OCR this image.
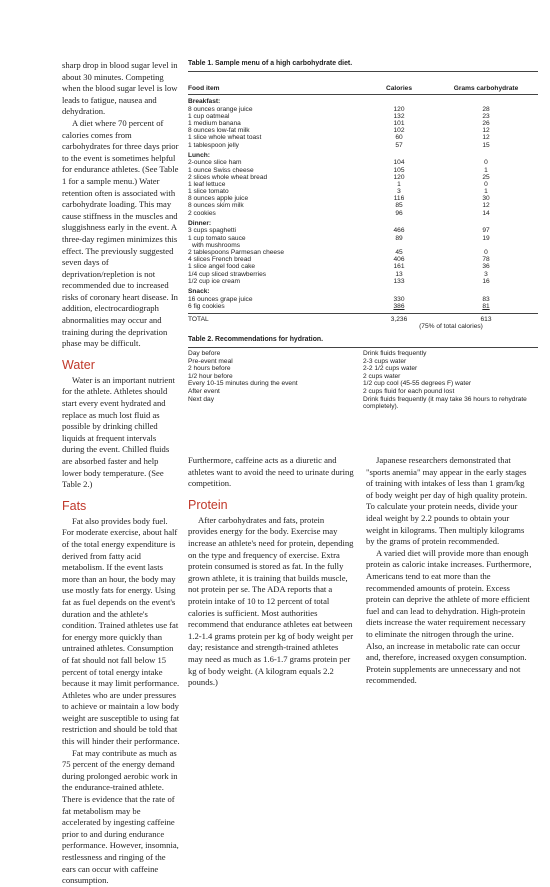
sharp drop in blood sugar level in about 30 minutes. Competing when the blood sugar level is low leads to fatigue, nausea and dehydration.

A diet where 70 percent of calories comes from carbohydrates for three days prior to the event is sometimes helpful for endurance athletes. (See Table 1 for a sample menu.) Water retention often is associated with carbohydrate loading. This may cause stiffness in the muscles and sluggishness early in the event. A three-day regimen minimizes this effect. The previously suggested seven days of deprivation/repletion is not recommended due to increased risks of coronary heart disease. In addition, electrocardiograph abnormalities may occur and training during the deprivation phase may be difficult.

Water

Water is an important nutrient for the athlete. Athletes should start every event hydrated and replace as much lost fluid as possible by drinking chilled liquids at frequent intervals during the event. Chilled fluids are absorbed faster and help lower body temperature. (See Table 2.)

Fats

Fat also provides body fuel. For moderate exercise, about half of the total energy expenditure is derived from fatty acid metabolism. If the event lasts more than an hour, the body may use mostly fats for energy. Using fat as fuel depends on the event's duration and the athlete's condition. Trained athletes use fat for energy more quickly than untrained athletes. Consumption of fat should not fall below 15 percent of total energy intake because it may limit performance. Athletes who are under pressures to achieve or maintain a low body weight are susceptible to using fat restriction and should be told that this will hinder their performance.

Fat may contribute as much as 75 percent of the energy demand during prolonged aerobic work in the endurance-trained athlete. There is evidence that the rate of fat metabolism may be accelerated by ingesting caffeine prior to and during endurance performance. However, insomnia, restlessness and ringing of the ears can occur with caffeine consumption.

Table 1. Sample menu of a high carbohydrate diet.
Food item	Calories	Grams carbohydrate
Breakfast:
8 ounces orange juice	120	28
1 cup oatmeal	132	23
1 medium banana	101	26
8 ounces low-fat milk	102	12
1 slice whole wheat toast	60	12
1 tablespoon jelly	57	15
Lunch:
2-ounce slice ham	104	0
1 ounce Swiss cheese	105	1
2 slices whole wheat bread	120	25
1 leaf lettuce	1	0
1 slice tomato	3	1
8 ounces apple juice	116	30
8 ounces skim milk	85	12
2 cookies	96	14
Dinner:
3 cups spaghetti	466	97
1 cup tomato sauce	89	19
with mushrooms
2 tablespoons Parmesan cheese	45	0
4 slices French bread	406	78
1 slice angel food cake	161	36
1/4 cup sliced strawberries	13	3
1/2 cup ice cream	133	16
Snack:
16 ounces grape juice	330	83
6 fig cookies	386	81
TOTAL	3,236	613
(75% of total calories)
Table 2. Recommendations for hydration.
Day before	Drink fluids frequently
Pre-event meal	2-3 cups water
2 hours before	2-2 1/2 cups water
1/2 hour before	2 cups water
Every 10-15 minutes during the event	1/2 cup cool (45-55 degrees F) water
After event	2 cups fluid for each pound lost
Next day	Drink fluids frequently (it may take 36 hours to rehydrate completely).

Furthermore, caffeine acts as a diuretic and athletes want to avoid the need to urinate during competition.

Protein

After carbohydrates and fats, protein provides energy for the body. Exercise may increase an athlete's need for protein, depending on the type and frequency of exercise. Extra protein consumed is stored as fat. In the fully grown athlete, it is training that builds muscle, not protein per se. The ADA reports that a protein intake of 10 to 12 percent of total calories is sufficient. Most authorities recommend that endurance athletes eat between 1.2-1.4 grams protein per kg of body weight per day; resistance and strength-trained athletes may need as much as 1.6-1.7 grams protein per kg of body weight. (A kilogram equals 2.2 pounds.)

Japanese researchers demonstrated that "sports anemia" may appear in the early stages of training with intakes of less than 1 gram/kg of body weight per day of high quality protein. To calculate your protein needs, divide your ideal weight by 2.2 pounds to obtain your weight in kilograms. Then multiply kilograms by the grams of protein recommended.

A varied diet will provide more than enough protein as caloric intake increases. Furthermore, Americans tend to eat more than the recommended amounts of protein. Excess protein can deprive the athlete of more efficient fuel and can lead to dehydration. High-protein diets increase the water requirement necessary to eliminate the nitrogen through the urine. Also, an increase in metabolic rate can occur and, therefore, increased oxygen consumption. Protein supplements are unnecessary and not recommended.
